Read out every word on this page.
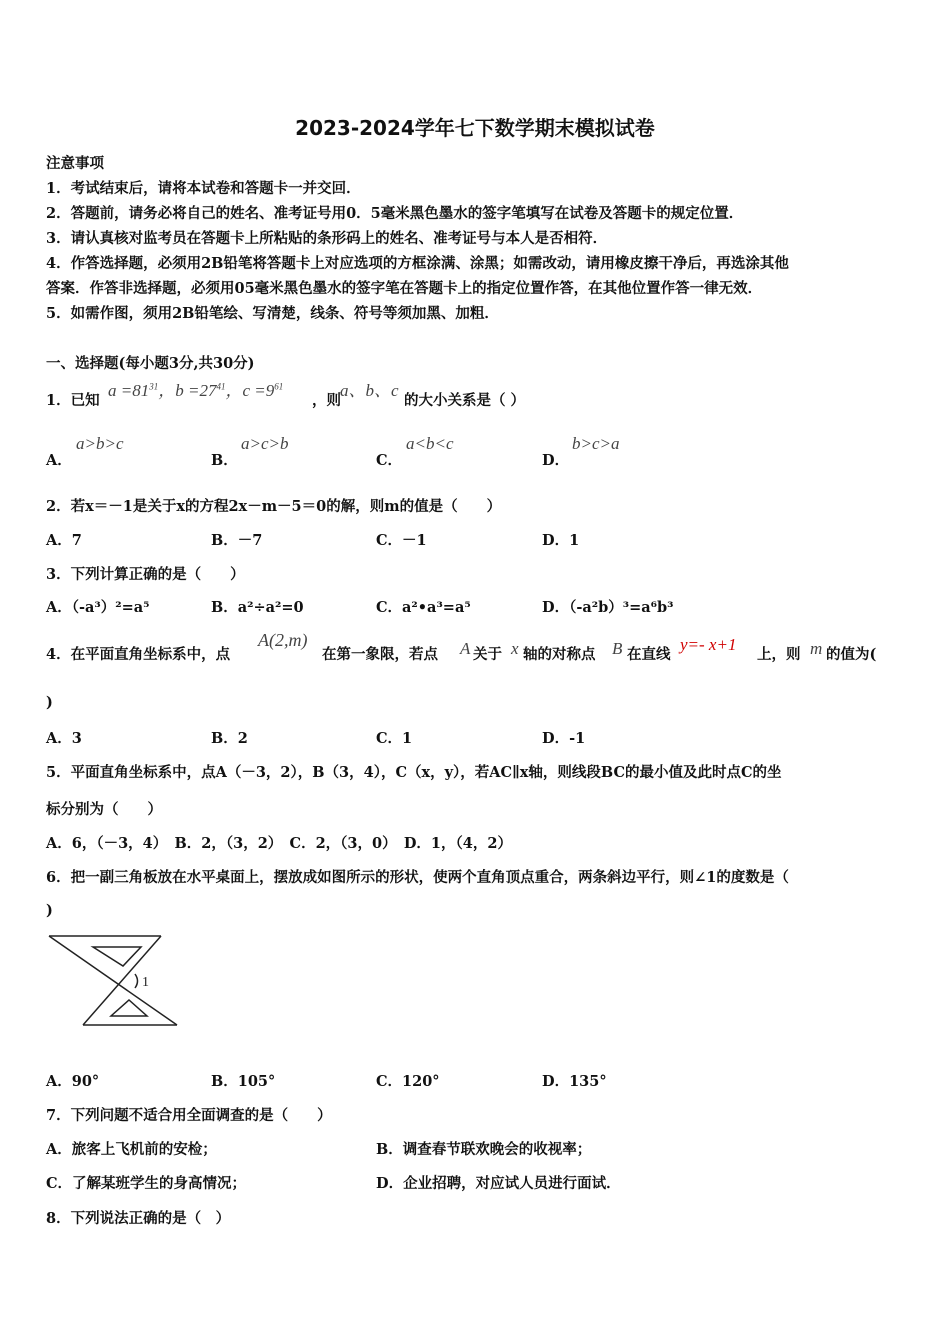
2023-2024学年七下数学期末模拟试卷
注意事项
1．考试结束后，请将本试卷和答题卡一并交回．
2．答题前，请务必将自己的姓名、准考证号用0．5毫米黑色墨水的签字笔填写在试卷及答题卡的规定位置．
3．请认真核对监考员在答题卡上所粘贴的条形码上的姓名、准考证号与本人是否相符．
4．作答选择题，必须用2B铅笔将答题卡上对应选项的方框涂满、涂黑；如需改动，请用橡皮擦干净后，再选涂其他
答案．作答非选择题，必须用05毫米黑色墨水的签字笔在答题卡上的指定位置作答，在其他位置作答一律无效．
5．如需作图，须用2B铅笔绘、写清楚，线条、符号等须加黑、加粗．
一、选择题(每小题3分,共30分)
1．已知
$a =81^{31}$，$b =27^{41}$，$c =9^{61}$
，则
a、b、c
的大小关系是（ ）
A．
a>b>c
B．
a>c>b
C．
a<b<c
D．
b>c>a
2．若x＝－1是关于x的方程2x－m－5＝0的解，则m的值是（　　）
A．7	B．－7	C．－1	D．1
3．下列计算正确的是（　　）
A．（-a³）²=a⁵	B．a²÷a²=0	C．a²•a³=a⁵	D．（-a²b）³=a⁶b³
4．在平面直角坐标系中，点
A(2,m)
在第一象限，若点 A 关于 x 轴的对称点 B 在直线
y=- x+1
上，则 m 的值为(
)
A．3	B．2	C．1	D．-1
5．平面直角坐标系中，点A（－3，2），B（3，4），C（x，y），若AC∥x轴，则线段BC的最小值及此时点C的坐
标分别为（　　）
A．6，（－3，4）　B．2，（3，2）　C．2，（3，0）　D．1，（4，2）
6．把一副三角板放在水平桌面上，摆放成如图所示的形状，使两个直角顶点重合，两条斜边平行，则∠1的度数是（
)
1
A．90°	B．105°	C．120°	D．135°
7．下列问题不适合用全面调查的是（　　）
A．旅客上飞机前的安检；	B．调查春节联欢晚会的收视率；
C．了解某班学生的身高情况；	D．企业招聘，对应试人员进行面试．
8．下列说法正确的是（　）
